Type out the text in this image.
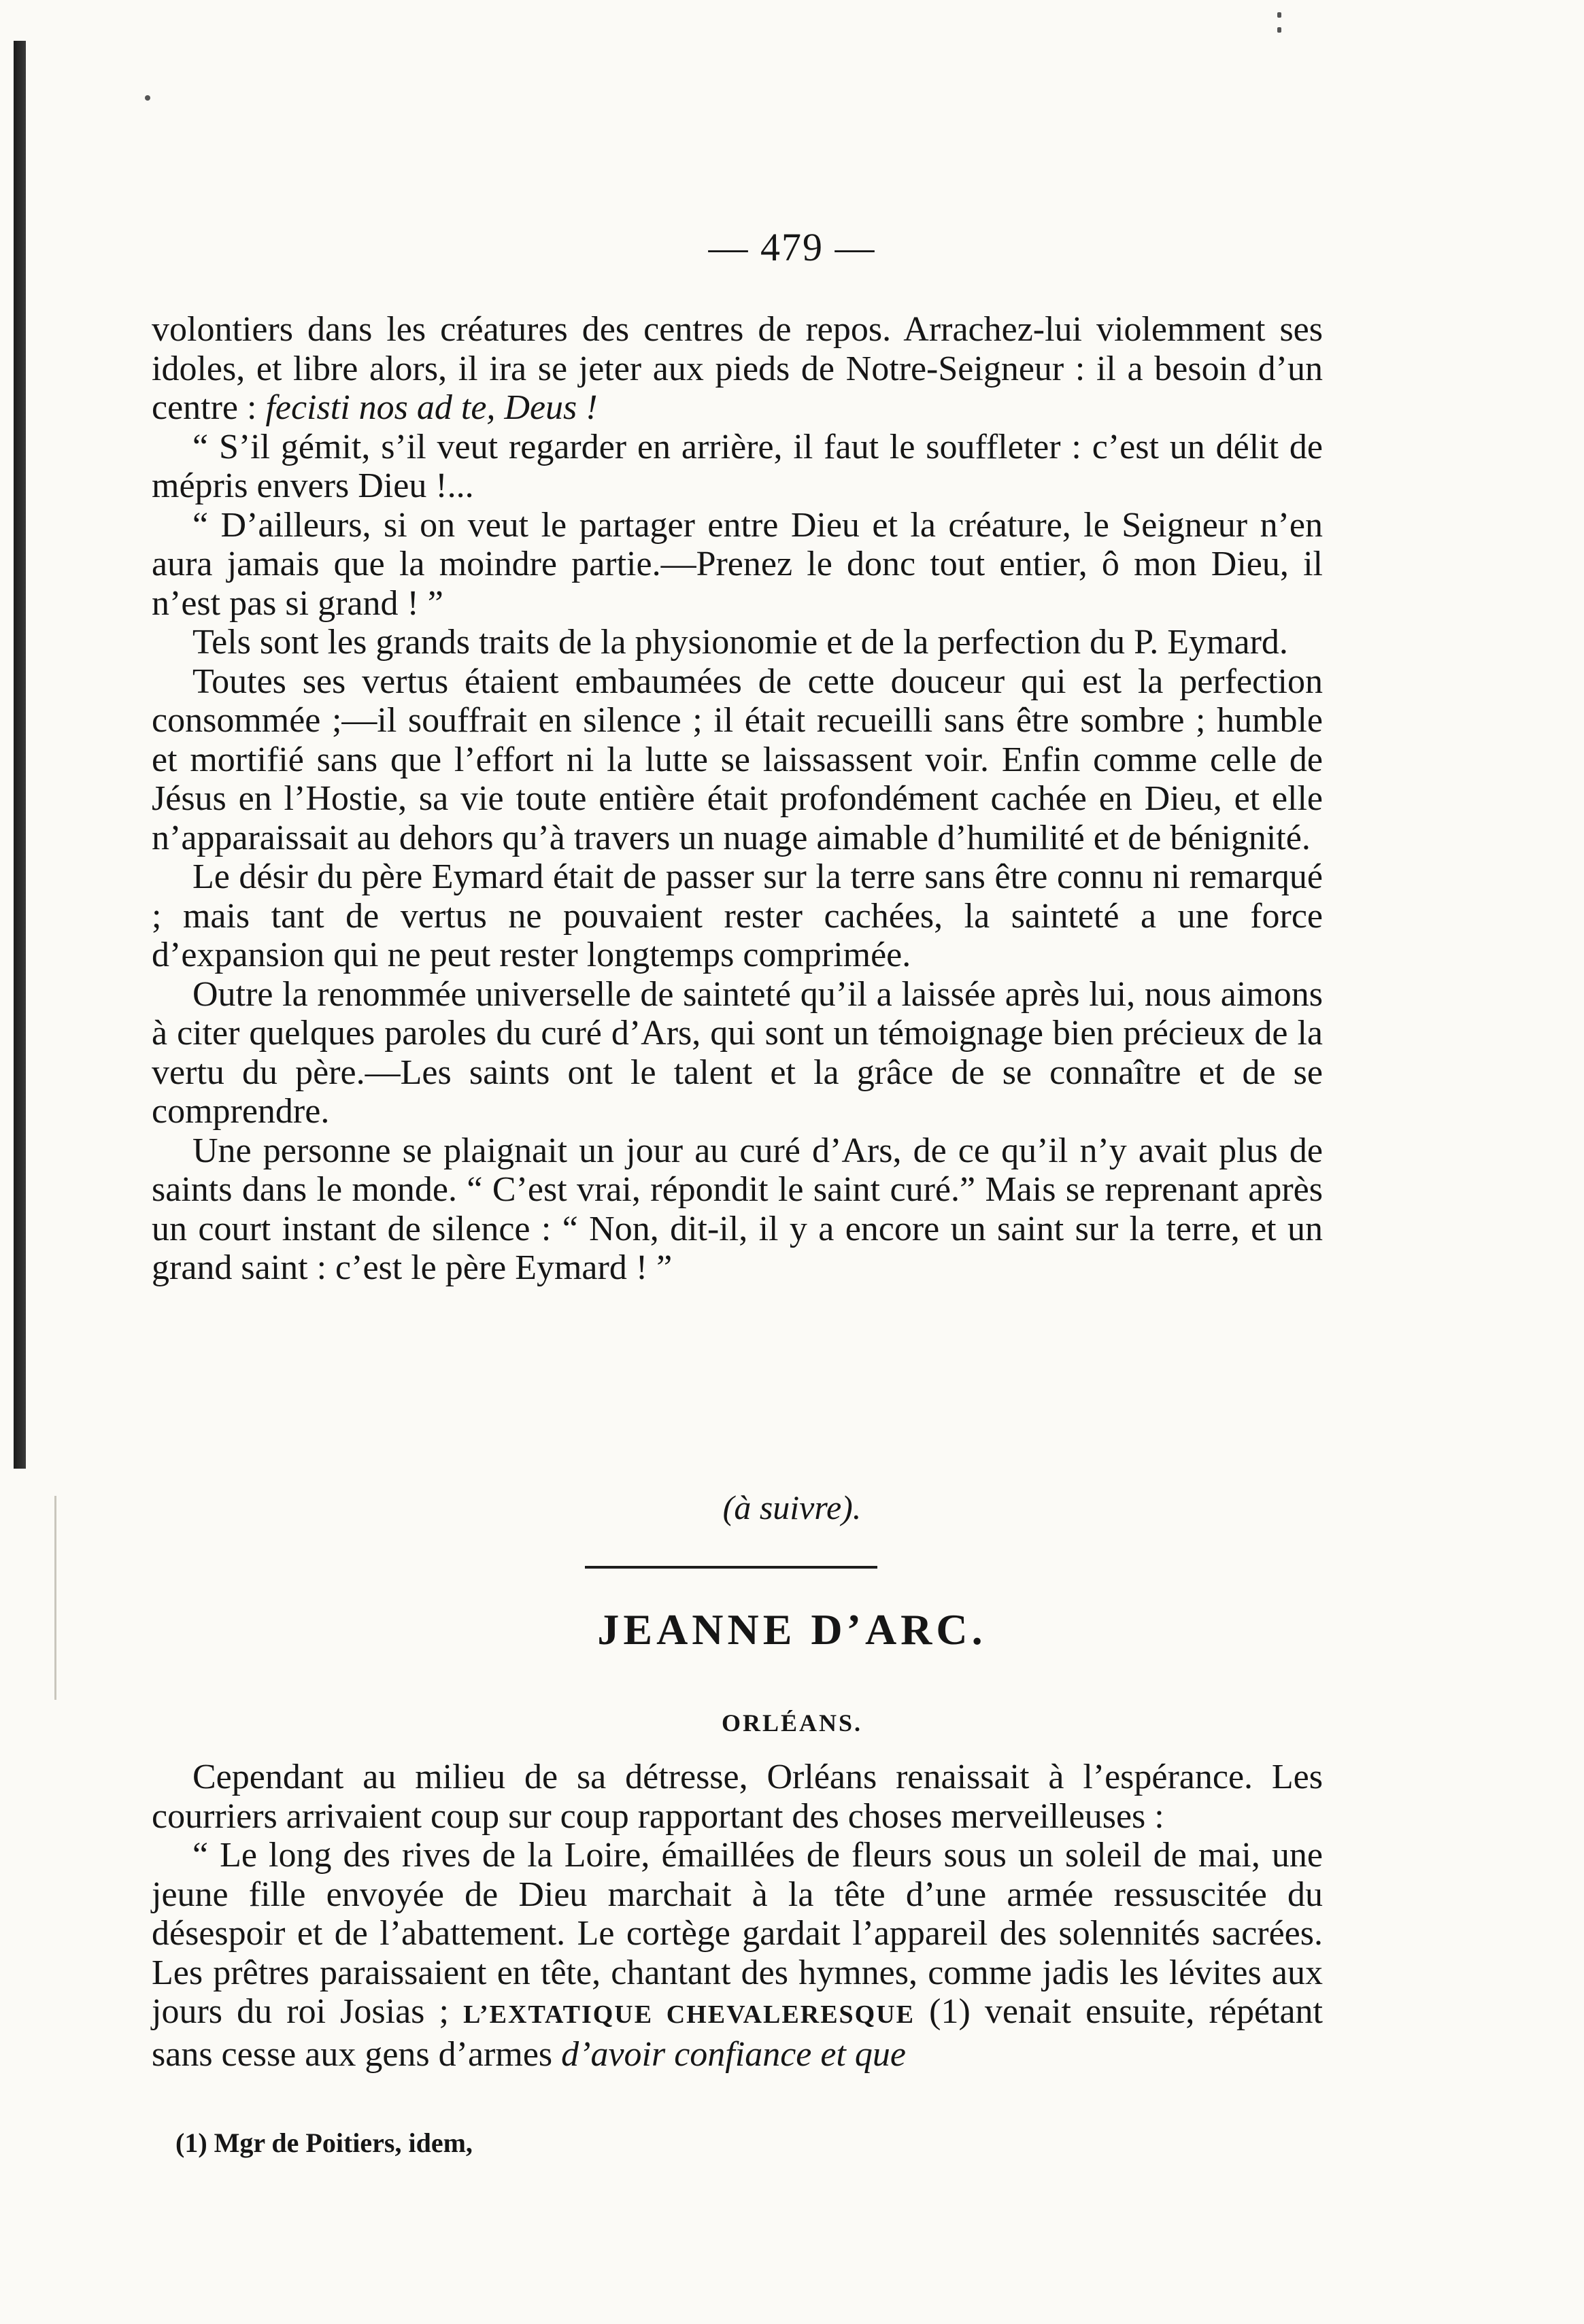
— 479 —

volontiers dans les créatures des centres de repos. Arrachez-lui violemment ses idoles, et libre alors, il ira se jeter aux pieds de Notre-Seigneur : il a besoin d’un centre : fecisti nos ad te, Deus !

“ S’il gémit, s’il veut regarder en arrière, il faut le souffleter : c’est un délit de mépris envers Dieu !...

“ D’ailleurs, si on veut le partager entre Dieu et la créature, le Seigneur n’en aura jamais que la moindre partie.—Prenez le donc tout entier, ô mon Dieu, il n’est pas si grand ! ”

Tels sont les grands traits de la physionomie et de la perfection du P. Eymard.

Toutes ses vertus étaient embaumées de cette douceur qui est la perfection consommée ;—il souffrait en silence ; il était recueilli sans être sombre ; humble et mortifié sans que l’effort ni la lutte se laissassent voir. Enfin comme celle de Jésus en l’Hostie, sa vie toute entière était profondément cachée en Dieu, et elle n’apparaissait au dehors qu’à travers un nuage aimable d’humilité et de bénignité.

Le désir du père Eymard était de passer sur la terre sans être connu ni remarqué ; mais tant de vertus ne pouvaient rester cachées, la sainteté a une force d’expansion qui ne peut rester longtemps comprimée.

Outre la renommée universelle de sainteté qu’il a laissée après lui, nous aimons à citer quelques paroles du curé d’Ars, qui sont un témoignage bien précieux de la vertu du père.—Les saints ont le talent et la grâce de se connaître et de se comprendre.

Une personne se plaignait un jour au curé d’Ars, de ce qu’il n’y avait plus de saints dans le monde. “ C’est vrai, répondit le saint curé.” Mais se reprenant après un court instant de silence : “ Non, dit-il, il y a encore un saint sur la terre, et un grand saint : c’est le père Eymard ! ”

(à suivre).
JEANNE D’ARC.
ORLÉANS.

Cependant au milieu de sa détresse, Orléans renaissait à l’espérance. Les courriers arrivaient coup sur coup rapportant des choses merveilleuses :

“ Le long des rives de la Loire, émaillées de fleurs sous un soleil de mai, une jeune fille envoyée de Dieu marchait à la tête d’une armée ressuscitée du désespoir et de l’abattement. Le cortège gardait l’appareil des solennités sacrées. Les prêtres paraissaient en tête, chantant des hymnes, comme jadis les lévites aux jours du roi Josias ; L’EXTATIQUE CHEVALERESQUE (1) venait ensuite, répétant sans cesse aux gens d’armes d’avoir confiance et que

(1) Mgr de Poitiers, idem,
